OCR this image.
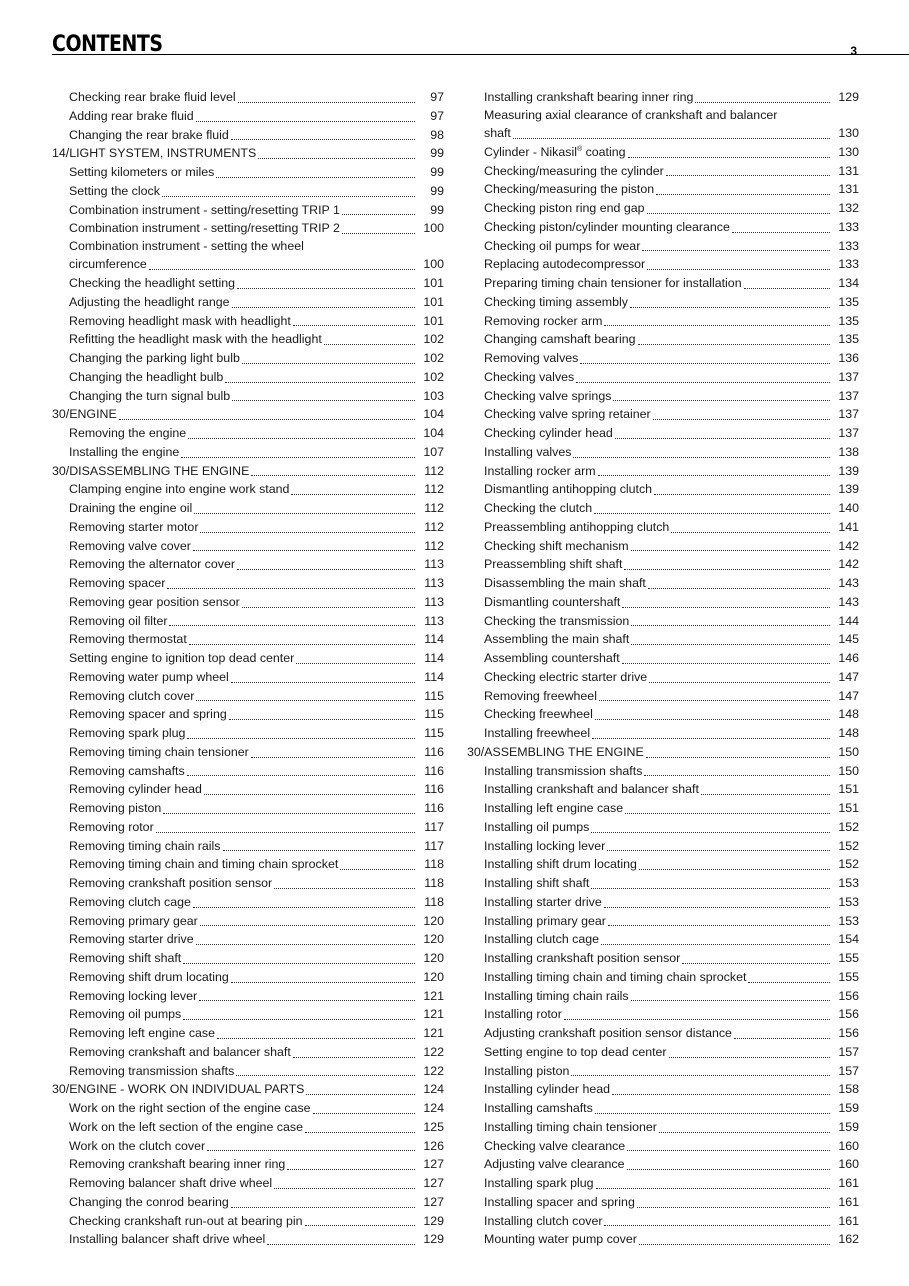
CONTENTS	3
Checking rear brake fluid level	97
Adding rear brake fluid	97
Changing the rear brake fluid	98
14/LIGHT SYSTEM, INSTRUMENTS	99
Setting kilometers or miles	99
Setting the clock	99
Combination instrument - setting/resetting TRIP 1	99
Combination instrument - setting/resetting TRIP 2	100
Combination instrument - setting the wheel
circumference	100
Checking the headlight setting	101
Adjusting the headlight range	101
Removing headlight mask with headlight	101
Refitting the headlight mask with the headlight	102
Changing the parking light bulb	102
Changing the headlight bulb	102
Changing the turn signal bulb	103
30/ENGINE	104
Removing the engine	104
Installing the engine	107
30/DISASSEMBLING THE ENGINE	112
Clamping engine into engine work stand	112
Draining the engine oil	112
Removing starter motor	112
Removing valve cover	112
Removing the alternator cover	113
Removing spacer	113
Removing gear position sensor	113
Removing oil filter	113
Removing thermostat	114
Setting engine to ignition top dead center	114
Removing water pump wheel	114
Removing clutch cover	115
Removing spacer and spring	115
Removing spark plug	115
Removing timing chain tensioner	116
Removing camshafts	116
Removing cylinder head	116
Removing piston	116
Removing rotor	117
Removing timing chain rails	117
Removing timing chain and timing chain sprocket	118
Removing crankshaft position sensor	118
Removing clutch cage	118
Removing primary gear	120
Removing starter drive	120
Removing shift shaft	120
Removing shift drum locating	120
Removing locking lever	121
Removing oil pumps	121
Removing left engine case	121
Removing crankshaft and balancer shaft	122
Removing transmission shafts	122
30/ENGINE - WORK ON INDIVIDUAL PARTS	124
Work on the right section of the engine case	124
Work on the left section of the engine case	125
Work on the clutch cover	126
Removing crankshaft bearing inner ring	127
Removing balancer shaft drive wheel	127
Changing the conrod bearing	127
Checking crankshaft run-out at bearing pin	129
Installing balancer shaft drive wheel	129
Installing crankshaft bearing inner ring	129
Measuring axial clearance of crankshaft and balancer
shaft	130
Cylinder - Nikasil® coating	130
Checking/measuring the cylinder	131
Checking/measuring the piston	131
Checking piston ring end gap	132
Checking piston/cylinder mounting clearance	133
Checking oil pumps for wear	133
Replacing autodecompressor	133
Preparing timing chain tensioner for installation	134
Checking timing assembly	135
Removing rocker arm	135
Changing camshaft bearing	135
Removing valves	136
Checking valves	137
Checking valve springs	137
Checking valve spring retainer	137
Checking cylinder head	137
Installing valves	138
Installing rocker arm	139
Dismantling antihopping clutch	139
Checking the clutch	140
Preassembling antihopping clutch	141
Checking shift mechanism	142
Preassembling shift shaft	142
Disassembling the main shaft	143
Dismantling countershaft	143
Checking the transmission	144
Assembling the main shaft	145
Assembling countershaft	146
Checking electric starter drive	147
Removing freewheel	147
Checking freewheel	148
Installing freewheel	148
30/ASSEMBLING THE ENGINE	150
Installing transmission shafts	150
Installing crankshaft and balancer shaft	151
Installing left engine case	151
Installing oil pumps	152
Installing locking lever	152
Installing shift drum locating	152
Installing shift shaft	153
Installing starter drive	153
Installing primary gear	153
Installing clutch cage	154
Installing crankshaft position sensor	155
Installing timing chain and timing chain sprocket	155
Installing timing chain rails	156
Installing rotor	156
Adjusting crankshaft position sensor distance	156
Setting engine to top dead center	157
Installing piston	157
Installing cylinder head	158
Installing camshafts	159
Installing timing chain tensioner	159
Checking valve clearance	160
Adjusting valve clearance	160
Installing spark plug	161
Installing spacer and spring	161
Installing clutch cover	161
Mounting water pump cover	162
